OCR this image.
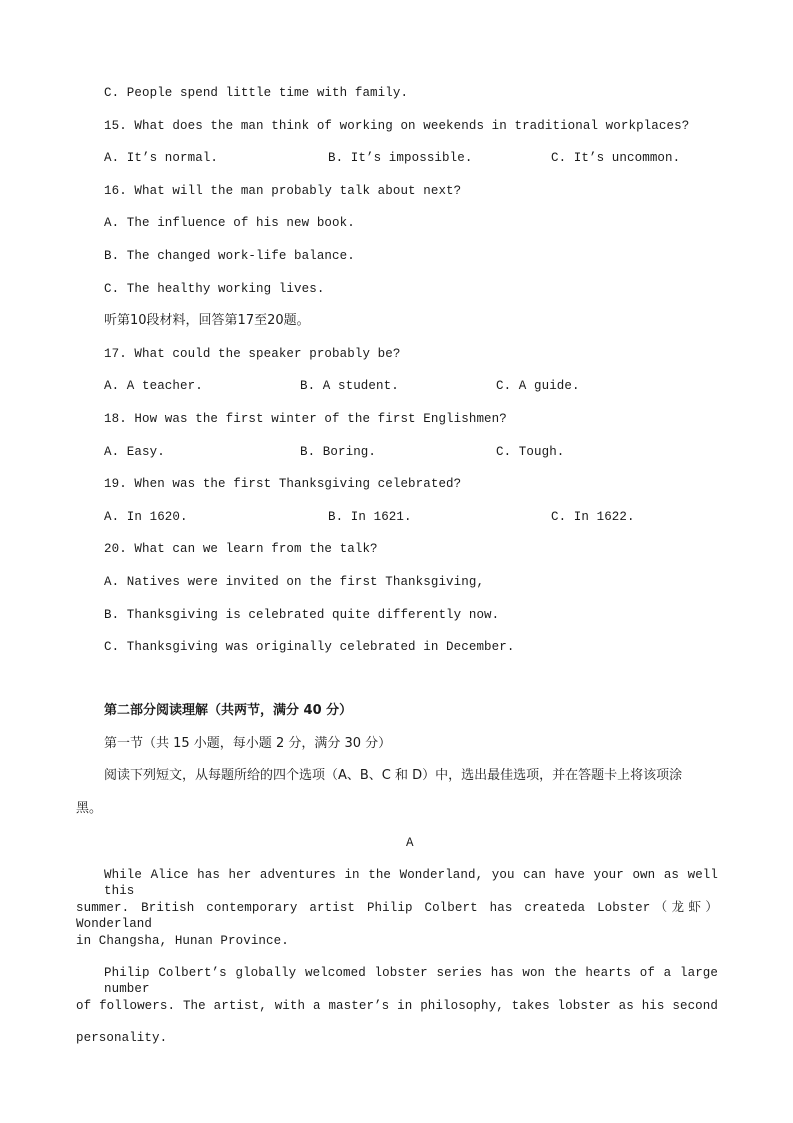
C. People spend little time with family.
15. What does the man think of working on weekends in traditional workplaces?
A. It’s normal.	B. It’s impossible.	C. It’s uncommon.
16. What will the man probably talk about next?
A. The influence of his new book.
B. The changed work-life balance.
C. The healthy working lives.
听第10段材料，回答第17至20题。
17. What could the speaker probably be?
A. A teacher.	B. A student.	C. A guide.
18. How was the first winter of the first Englishmen?
A. Easy.	B. Boring.	C. Tough.
19. When was the first Thanksgiving celebrated?
A. In 1620.	B. In 1621.	C. In 1622.
20. What can we learn from the talk?
A. Natives were invited on the first Thanksgiving,
B. Thanksgiving is celebrated quite differently now.
C. Thanksgiving was originally celebrated in December.
第二部分阅读理解（共两节，满分 40 分）
第一节（共 15 小题，每小题 2 分，满分 30 分）
阅读下列短文，从每题所给的四个选项（A、B、C 和 D）中，选出最佳选项，并在答题卡上将该项涂
黑。
A
While Alice has her adventures in the Wonderland, you can have your own as well this
summer. British contemporary artist Philip Colbert has createda Lobster（龙虾） Wonderland
in Changsha, Hunan Province.
Philip Colbert’s globally welcomed lobster series has won the hearts of a large number
of followers. The artist, with a master’s in philosophy, takes lobster as his second
personality.
